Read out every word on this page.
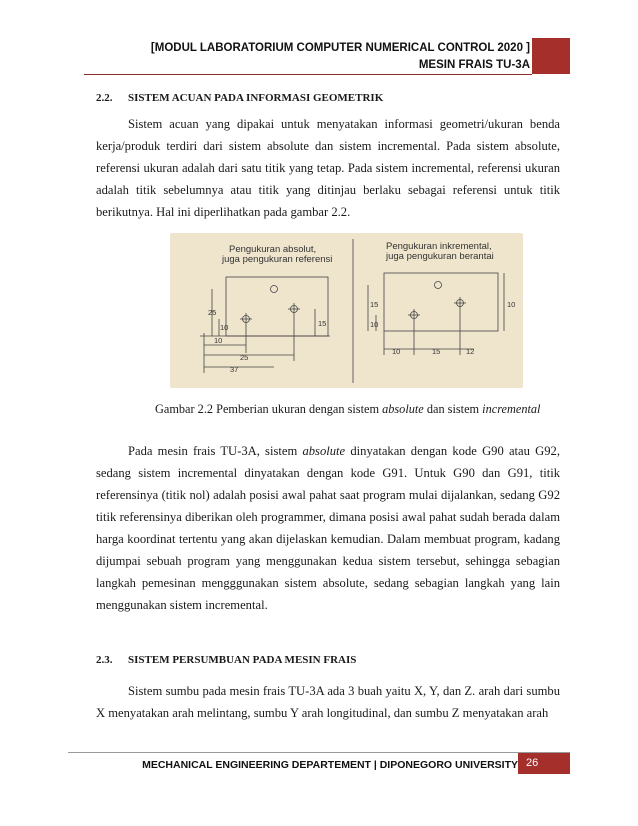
[MODUL LABORATORIUM COMPUTER NUMERICAL CONTROL 2020 ]
MESIN FRAIS TU-3A
2.2. SISTEM ACUAN PADA INFORMASI GEOMETRIK

Sistem acuan yang dipakai untuk menyatakan informasi geometri/ukuran benda kerja/produk terdiri dari sistem absolute dan sistem incremental. Pada sistem absolute, referensi ukuran adalah dari satu titik yang tetap. Pada sistem incremental, referensi ukuran adalah titik sebelumnya atau titik yang ditinjau berlaku sebagai referensi untuk titik berikutnya. Hal ini diperlihatkan pada gambar 2.2.

Pengukuran absolut,
juga pengukuran referensi
Pengukuran inkremental,
juga pengukuran berantai
10
25
37
25
10	15
10	15	12
10
15	10
Gambar 2.2 Pemberian ukuran dengan sistem absolute dan sistem incremental

Pada mesin frais TU-3A, sistem absolute dinyatakan dengan kode G90 atau G92, sedang sistem incremental dinyatakan dengan kode G91. Untuk G90 dan G91, titik referensinya (titik nol) adalah posisi awal pahat saat program mulai dijalankan, sedang G92 titik referensinya diberikan oleh programmer, dimana posisi awal pahat sudah berada dalam harga koordinat tertentu yang akan dijelaskan kemudian. Dalam membuat program, kadang dijumpai sebuah program yang menggunakan kedua sistem tersebut, sehingga sebagian langkah pemesinan mengggunakan sistem absolute, sedang sebagian langkah yang lain menggunakan sistem incremental.

2.3. SISTEM PERSUMBUAN PADA MESIN FRAIS

Sistem sumbu pada mesin frais TU-3A ada 3 buah yaitu X, Y, dan Z. arah dari sumbu X menyatakan arah melintang, sumbu Y arah longitudinal, dan sumbu Z menyatakan arah

MECHANICAL ENGINEERING DEPARTEMENT | DIPONEGORO UNIVERSITY 26
